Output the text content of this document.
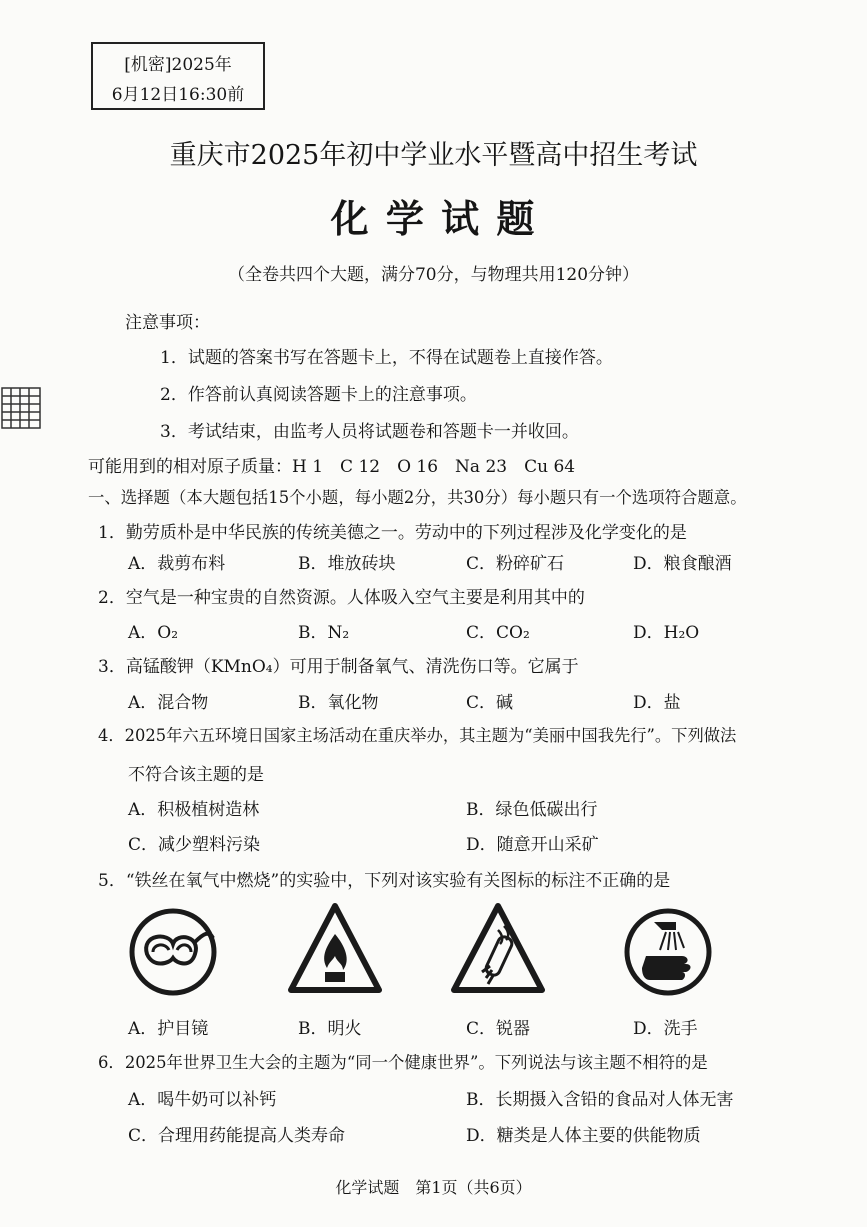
[机密]2025年
6月12日16:30前
重庆市2025年初中学业水平暨高中招生考试
化 学 试 题
（全卷共四个大题，满分70分，与物理共用120分钟）
注意事项：
1．试题的答案书写在答题卡上，不得在试题卷上直接作答。
2．作答前认真阅读答题卡上的注意事项。
3．考试结束，由监考人员将试题卷和答题卡一并收回。
可能用到的相对原子质量：H 1　C 12　O 16　Na 23　Cu 64
一、选择题（本大题包括15个小题，每小题2分，共30分）每小题只有一个选项符合题意。
1．勤劳质朴是中华民族的传统美德之一。劳动中的下列过程涉及化学变化的是
A．裁剪布料	B．堆放砖块	C．粉碎矿石	D．粮食酿酒
2．空气是一种宝贵的自然资源。人体吸入空气主要是利用其中的
A．O₂	B．N₂	C．CO₂	D．H₂O
3．高锰酸钾（KMnO₄）可用于制备氧气、清洗伤口等。它属于
A．混合物	B．氧化物	C．碱	D．盐
4．2025年六五环境日国家主场活动在重庆举办，其主题为“美丽中国我先行”。下列做法
不符合该主题的是
A．积极植树造林	B．绿色低碳出行
C．减少塑料污染	D．随意开山采矿
5．“铁丝在氧气中燃烧”的实验中，下列对该实验有关图标的标注不正确的是
A．护目镜	B．明火	C．锐器	D．洗手
6．2025年世界卫生大会的主题为“同一个健康世界”。下列说法与该主题不相符的是
A．喝牛奶可以补钙	B．长期摄入含铅的食品对人体无害
C．合理用药能提高人类寿命	D．糖类是人体主要的供能物质
化学试题　第1页（共6页）
